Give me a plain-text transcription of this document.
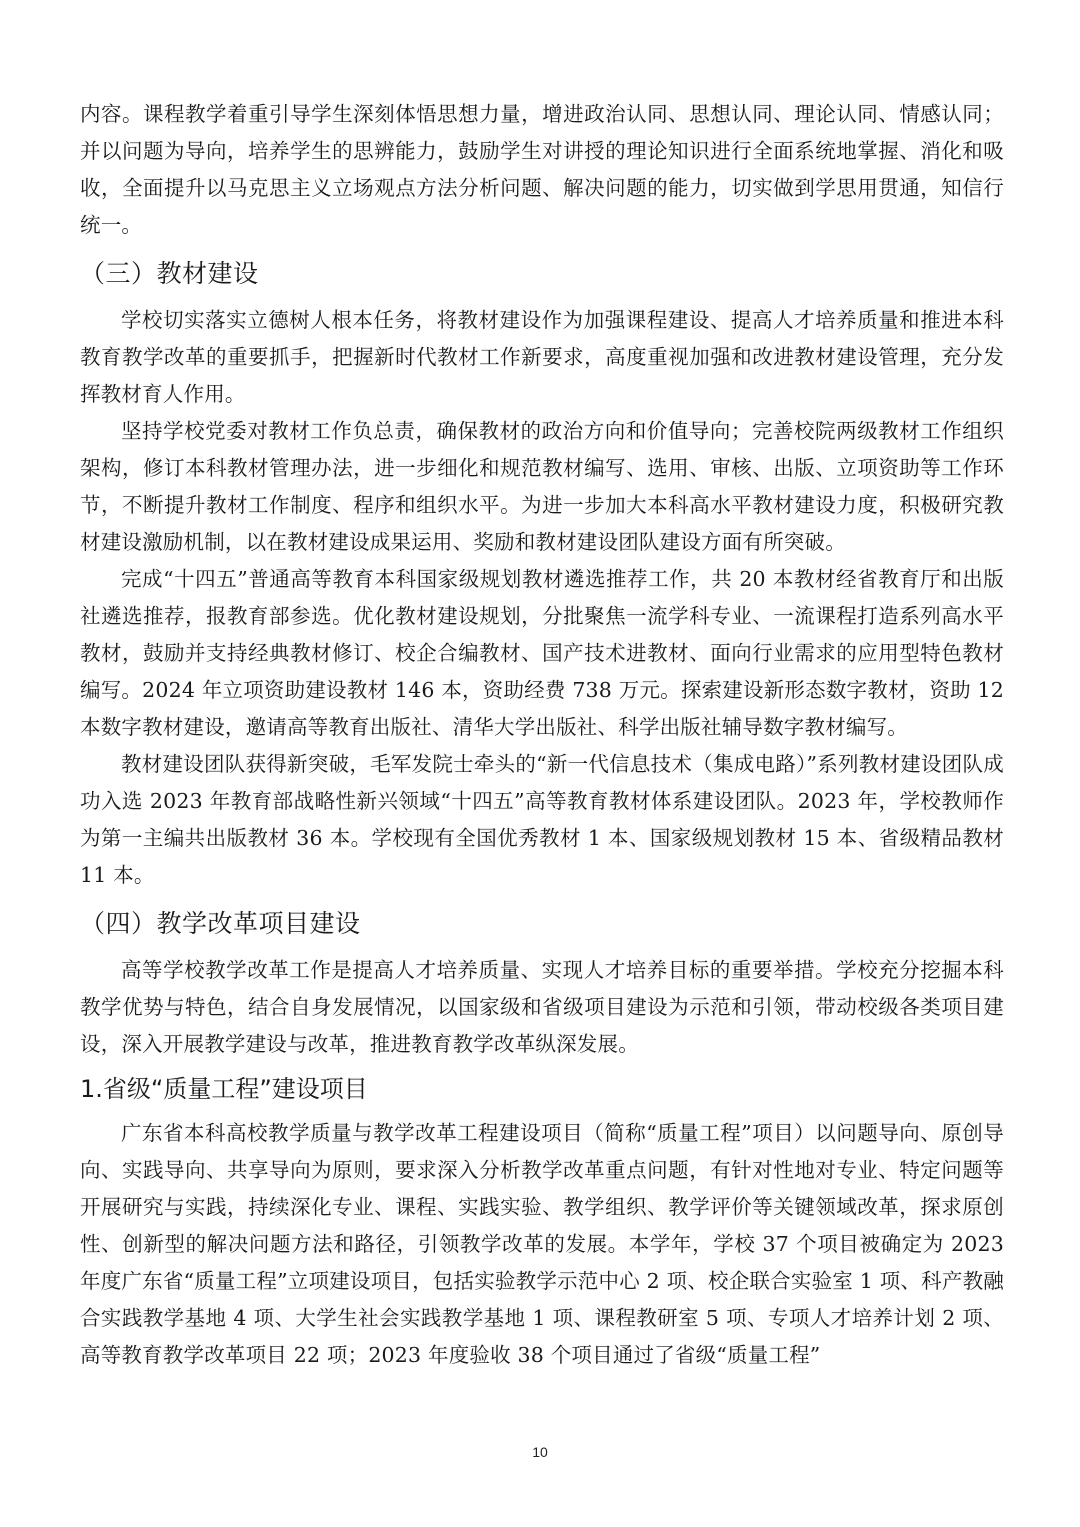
内容。课程教学着重引导学生深刻体悟思想力量，增进政治认同、思想认同、理论认同、情感认同；并以问题为导向，培养学生的思辨能力，鼓励学生对讲授的理论知识进行全面系统地掌握、消化和吸收，全面提升以马克思主义立场观点方法分析问题、解决问题的能力，切实做到学思用贯通，知信行统一。

（三）教材建设

学校切实落实立德树人根本任务，将教材建设作为加强课程建设、提高人才培养质量和推进本科教育教学改革的重要抓手，把握新时代教材工作新要求，高度重视加强和改进教材建设管理，充分发挥教材育人作用。

坚持学校党委对教材工作负总责，确保教材的政治方向和价值导向；完善校院两级教材工作组织架构，修订本科教材管理办法，进一步细化和规范教材编写、选用、审核、出版、立项资助等工作环节，不断提升教材工作制度、程序和组织水平。为进一步加大本科高水平教材建设力度，积极研究教材建设激励机制，以在教材建设成果运用、奖励和教材建设团队建设方面有所突破。

完成“十四五”普通高等教育本科国家级规划教材遴选推荐工作，共 20 本教材经省教育厅和出版社遴选推荐，报教育部参选。优化教材建设规划，分批聚焦一流学科专业、一流课程打造系列高水平教材，鼓励并支持经典教材修订、校企合编教材、国产技术进教材、面向行业需求的应用型特色教材编写。2024 年立项资助建设教材 146 本，资助经费 738 万元。探索建设新形态数字教材，资助 12 本数字教材建设，邀请高等教育出版社、清华大学出版社、科学出版社辅导数字教材编写。

教材建设团队获得新突破，毛军发院士牵头的“新一代信息技术（集成电路）”系列教材建设团队成功入选 2023 年教育部战略性新兴领域“十四五”高等教育教材体系建设团队。2023 年，学校教师作为第一主编共出版教材 36 本。学校现有全国优秀教材 1 本、国家级规划教材 15 本、省级精品教材 11 本。

（四）教学改革项目建设

高等学校教学改革工作是提高人才培养质量、实现人才培养目标的重要举措。学校充分挖掘本科教学优势与特色，结合自身发展情况，以国家级和省级项目建设为示范和引领，带动校级各类项目建设，深入开展教学建设与改革，推进教育教学改革纵深发展。

1.省级“质量工程”建设项目

广东省本科高校教学质量与教学改革工程建设项目（简称“质量工程”项目）以问题导向、原创导向、实践导向、共享导向为原则，要求深入分析教学改革重点问题，有针对性地对专业、特定问题等开展研究与实践，持续深化专业、课程、实践实验、教学组织、教学评价等关键领域改革，探求原创性、创新型的解决问题方法和路径，引领教学改革的发展。本学年，学校 37 个项目被确定为 2023 年度广东省“质量工程”立项建设项目，包括实验教学示范中心 2 项、校企联合实验室 1 项、科产教融合实践教学基地 4 项、大学生社会实践教学基地 1 项、课程教研室 5 项、专项人才培养计划 2 项、高等教育教学改革项目 22 项；2023 年度验收 38 个项目通过了省级“质量工程”

10
